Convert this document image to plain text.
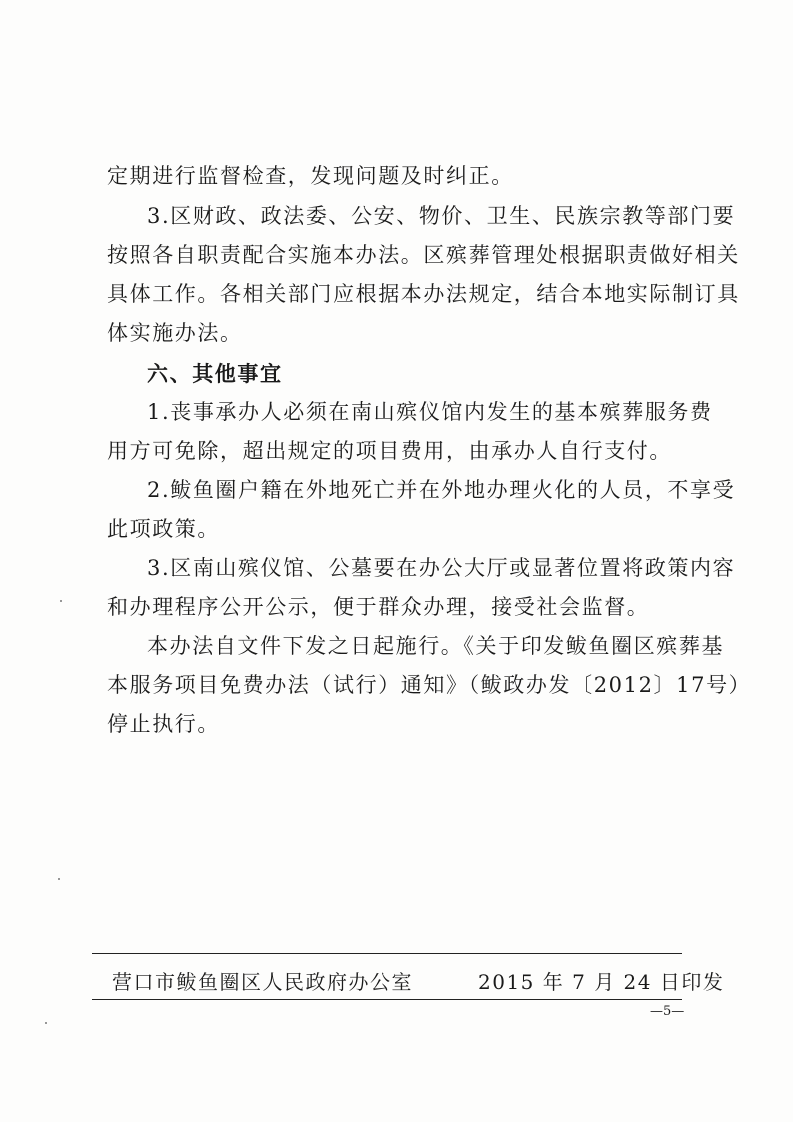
定期进行监督检查，发现问题及时纠正。
3.区财政、政法委、公安、物价、卫生、民族宗教等部门要
按照各自职责配合实施本办法。区殡葬管理处根据职责做好相关
具体工作。各相关部门应根据本办法规定，结合本地实际制订具
体实施办法。
六、其他事宜
1.丧事承办人必须在南山殡仪馆内发生的基本殡葬服务费
用方可免除，超出规定的项目费用，由承办人自行支付。
2.鲅鱼圈户籍在外地死亡并在外地办理火化的人员，不享受
此项政策。
3.区南山殡仪馆、公墓要在办公大厅或显著位置将政策内容
和办理程序公开公示，便于群众办理，接受社会监督。
本办法自文件下发之日起施行。《关于印发鲅鱼圈区殡葬基
本服务项目免费办法（试行）通知》（鲅政办发〔2012〕17号）
停止执行。
营口市鲅鱼圈区人民政府办公室	2015 年 7 月 24 日印发
—5—
